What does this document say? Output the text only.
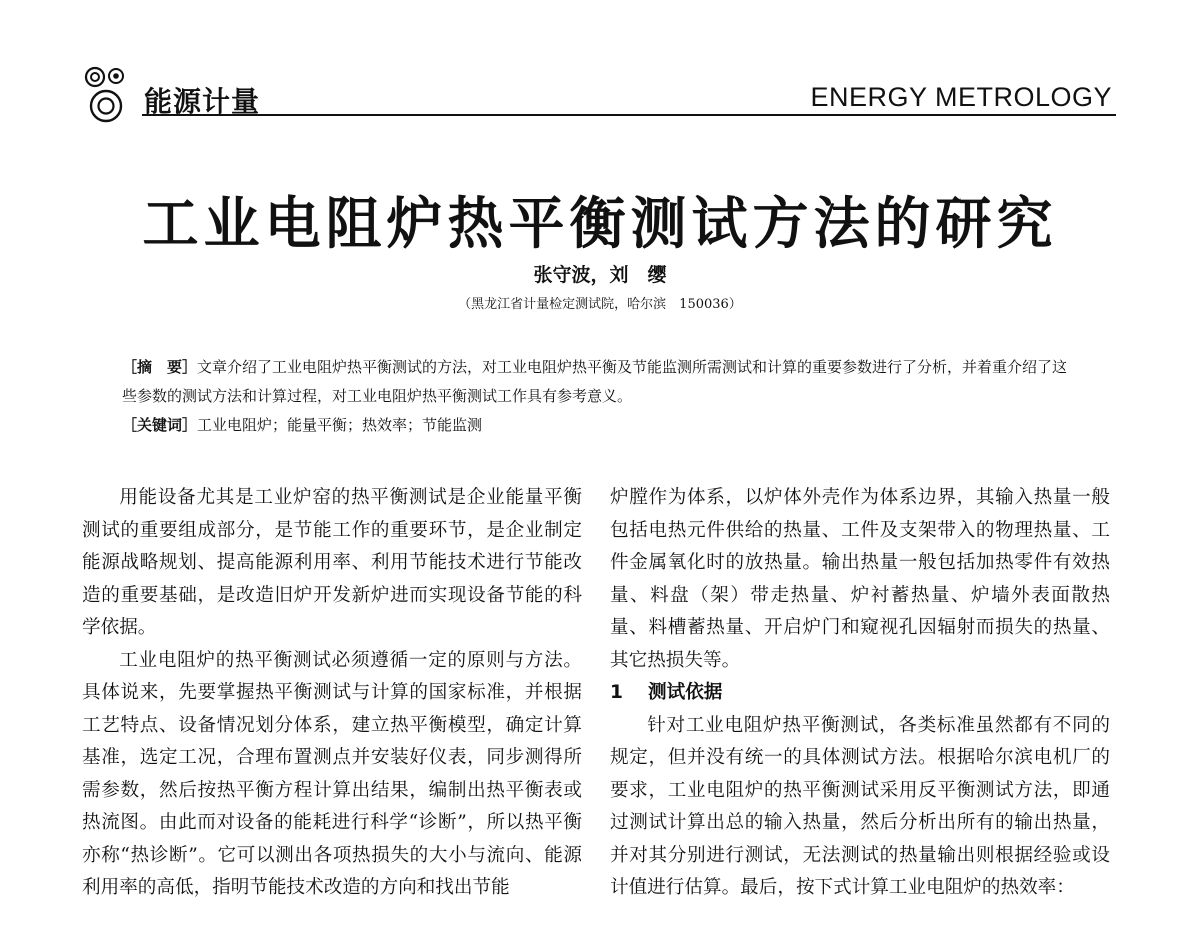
能源计量	ENERGY METROLOGY
工业电阻炉热平衡测试方法的研究
张守波，刘　缨
（黑龙江省计量检定测试院，哈尔滨　150036）
［摘　要］文章介绍了工业电阻炉热平衡测试的方法，对工业电阻炉热平衡及节能监测所需测试和计算的重要参数进行了分析，并着重介绍了这些参数的测试方法和计算过程，对工业电阻炉热平衡测试工作具有参考意义。
［关键词］工业电阻炉；能量平衡；热效率；节能监测

用能设备尤其是工业炉窑的热平衡测试是企业能量平衡测试的重要组成部分，是节能工作的重要环节，是企业制定能源战略规划、提高能源利用率、利用节能技术进行节能改造的重要基础，是改造旧炉开发新炉进而实现设备节能的科学依据。

工业电阻炉的热平衡测试必须遵循一定的原则与方法。具体说来，先要掌握热平衡测试与计算的国家标准，并根据工艺特点、设备情况划分体系，建立热平衡模型，确定计算基准，选定工况，合理布置测点并安装好仪表，同步测得所需参数，然后按热平衡方程计算出结果，编制出热平衡表或热流图。由此而对设备的能耗进行科学“诊断”，所以热平衡亦称“热诊断”。它可以测出各项热损失的大小与流向、能源利用率的高低，指明节能技术改造的方向和找出节能

炉膛作为体系，以炉体外壳作为体系边界，其输入热量一般包括电热元件供给的热量、工件及支架带入的物理热量、工件金属氧化时的放热量。输出热量一般包括加热零件有效热量、料盘（架）带走热量、炉衬蓄热量、炉墙外表面散热量、料槽蓄热量、开启炉门和窥视孔因辐射而损失的热量、其它热损失等。

1 测试依据

针对工业电阻炉热平衡测试，各类标准虽然都有不同的规定，但并没有统一的具体测试方法。根据哈尔滨电机厂的要求，工业电阻炉的热平衡测试采用反平衡测试方法，即通过测试计算出总的输入热量，然后分析出所有的输出热量，并对其分别进行测试，无法测试的热量输出则根据经验或设计值进行估算。最后，按下式计算工业电阻炉的热效率：
